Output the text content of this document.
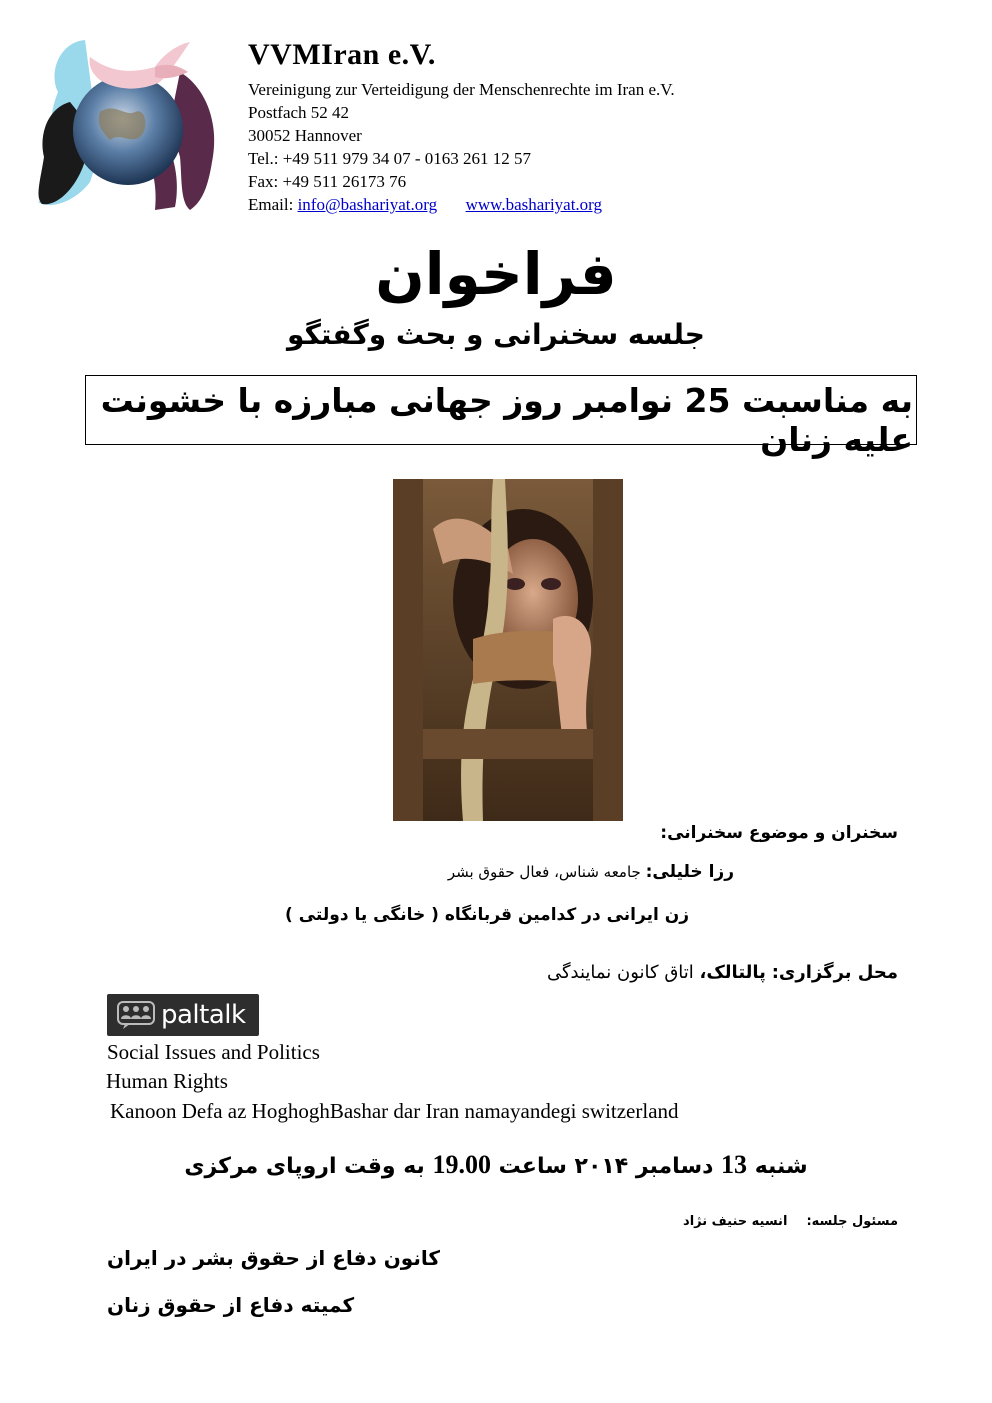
VVMIran e.V.

Vereinigung zur Verteidigung der Menschenrechte im Iran e.V.

Postfach 52 42

30052 Hannover

Tel.: +49 511 979 34 07 - 0163 261 12 57

Fax: +49 511 26173 76

Email: info@bashariyat.org www.bashariyat.org

فراخوان
جلسه سخنرانی و بحث وگفتگو
به مناسبت 25 نوامبر روز جهانی مبارزه با خشونت علیه زنان
سخنران و موضوع سخنرانی:
رزا خلیلی: جامعه شناس، فعال حقوق بشر
زن ایرانی در کدامین قربانگاه ( خانگی یا دولتی )
محل برگزاری: پالتالک، اتاق کانون نمایندگی
paltalk
Social Issues and Politics
Human Rights
Kanoon Defa az HoghoghBashar dar Iran namayandegi switzerland
شنبه 13 دسامبر ۲۰۱۴ ساعت 19.00 به وقت اروپای مرکزی
مسئول جلسه:  انسیه حنیف نژاد
کانون دفاع از حقوق بشر در ایران
کمیته دفاع از حقوق زنان
